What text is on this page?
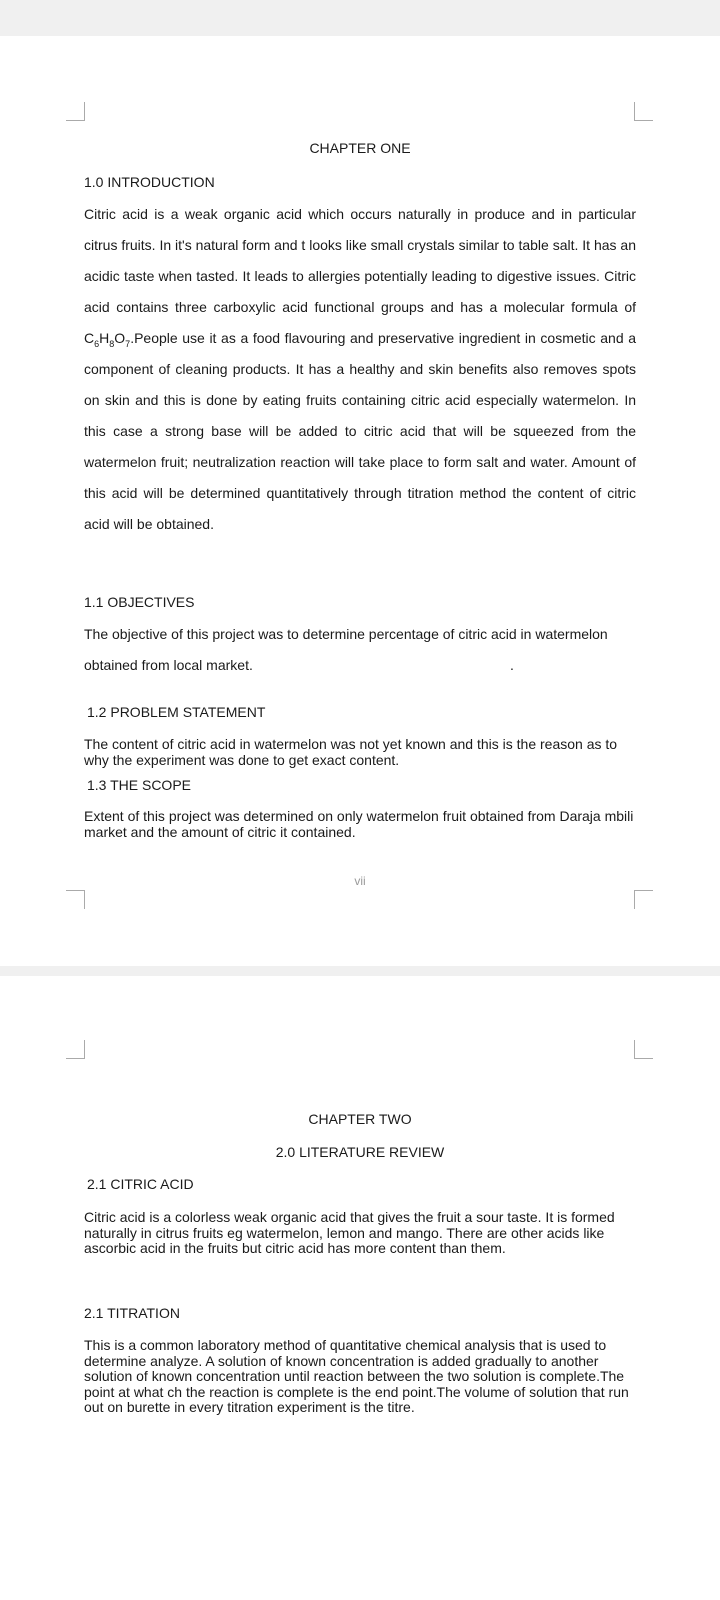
CHAPTER ONE
1.0 INTRODUCTION
Citric acid is a weak organic acid which occurs naturally in produce and in particular citrus fruits. In it's natural form and t looks like small crystals similar to table salt. It has an acidic taste when tasted. It leads to allergies potentially leading to digestive issues. Citric acid contains three carboxylic acid functional groups and has a molecular formula of $C_6H_8O_7.People$ use it as a food flavouring and preservative ingredient in cosmetic and a component of cleaning products. It has a healthy and skin benefits also removes spots on skin and this is done by eating fruits containing citric acid especially watermelon. In this case a strong base will be added to citric acid that will be squeezed from the watermelon fruit; neutralization reaction will take place to form salt and water. Amount of this acid will be determined quantitatively through titration method the content of citric acid will be obtained.
1.1 OBJECTIVES
The objective of this project was to determine percentage of citric acid in watermelon
obtained from local market.	.
1.2 PROBLEM STATEMENT
The content of citric acid in watermelon was not yet known and this is the reason as to why the experiment was done to get exact content.
1.3 THE SCOPE
Extent of this project was determined on only watermelon fruit obtained from Daraja mbili market and the amount of citric it contained.
vii
CHAPTER TWO
2.0 LITERATURE REVIEW
2.1 CITRIC ACID
Citric acid is a colorless weak organic acid that gives the fruit a sour taste. It is formed naturally in citrus fruits eg watermelon, lemon and mango. There are other acids like ascorbic acid in the fruits but citric acid has more content than them.
2.1 TITRATION
This is a common laboratory method of quantitative chemical analysis that is used to determine analyze. A solution of known concentration is added gradually to another solution of known concentration until reaction between the two solution is complete.The point at what ch the reaction is complete is the end point.The volume of solution that run out on burette in every titration experiment is the titre.
